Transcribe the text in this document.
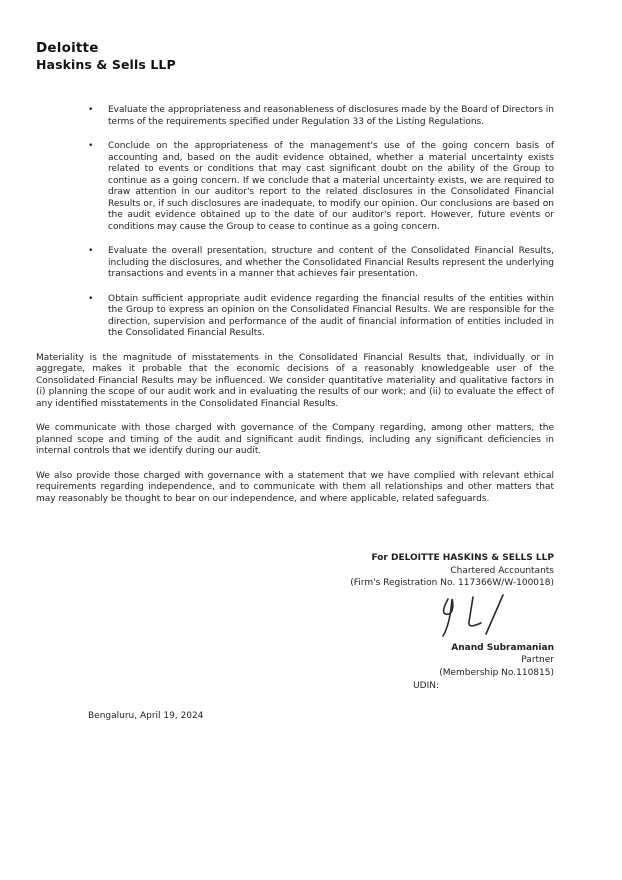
Deloitte
Haskins & Sells LLP
•	Evaluate the appropriateness and reasonableness of disclosures made by the Board of Directors in terms of the requirements specified under Regulation 33 of the Listing Regulations.
•	Conclude on the appropriateness of the management's use of the going concern basis of accounting and, based on the audit evidence obtained, whether a material uncertainty exists related to events or conditions that may cast significant doubt on the ability of the Group to continue as a going concern. If we conclude that a material uncertainty exists, we are required to draw attention in our auditor's report to the related disclosures in the Consolidated Financial Results or, if such disclosures are inadequate, to modify our opinion. Our conclusions are based on the audit evidence obtained up to the date of our auditor's report. However, future events or conditions may cause the Group to cease to continue as a going concern.
•	Evaluate the overall presentation, structure and content of the Consolidated Financial Results, including the disclosures, and whether the Consolidated Financial Results represent the underlying transactions and events in a manner that achieves fair presentation.
•	Obtain sufficient appropriate audit evidence regarding the financial results of the entities within the Group to express an opinion on the Consolidated Financial Results. We are responsible for the direction, supervision and performance of the audit of financial information of entities included in the Consolidated Financial Results.

Materiality is the magnitude of misstatements in the Consolidated Financial Results that, individually or in aggregate, makes it probable that the economic decisions of a reasonably knowledgeable user of the Consolidated Financial Results may be influenced. We consider quantitative materiality and qualitative factors in (i) planning the scope of our audit work and in evaluating the results of our work; and (ii) to evaluate the effect of any identified misstatements in the Consolidated Financial Results.

We communicate with those charged with governance of the Company regarding, among other matters, the planned scope and timing of the audit and significant audit findings, including any significant deficiencies in internal controls that we identify during our audit.

We also provide those charged with governance with a statement that we have complied with relevant ethical requirements regarding independence, and to communicate with them all relationships and other matters that may reasonably be thought to bear on our independence, and where applicable, related safeguards.

For DELOITTE HASKINS & SELLS LLP
Chartered Accountants
(Firm's Registration No. 117366W/W-100018)
Anand Subramanian
Partner
(Membership No.110815)
UDIN:
Bengaluru, April 19, 2024
